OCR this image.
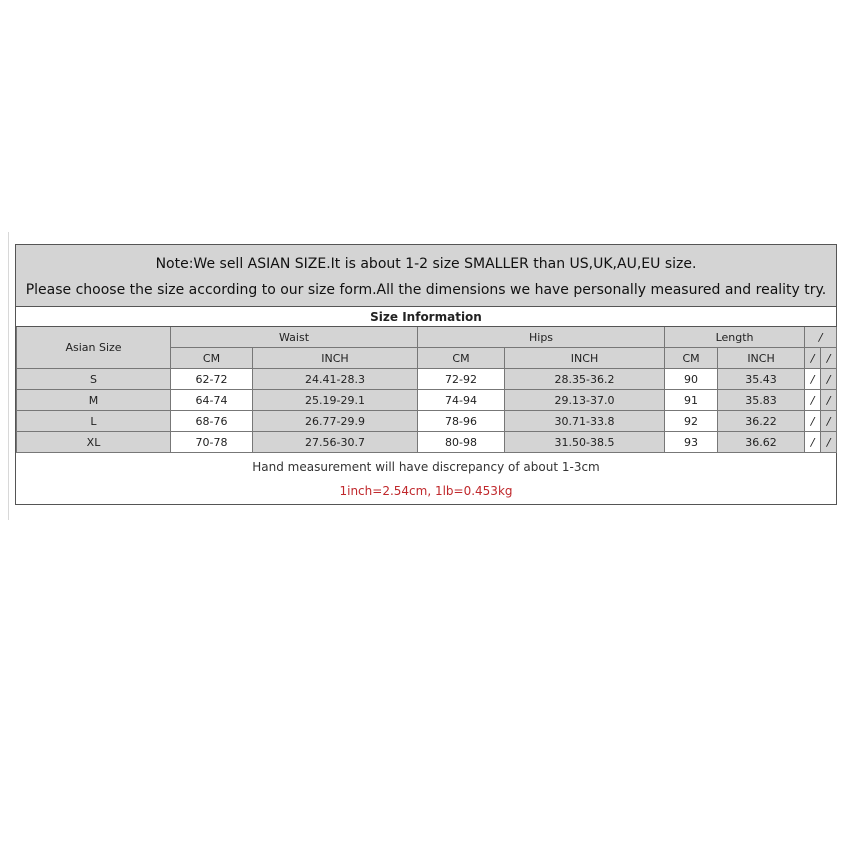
Note:We sell ASIAN SIZE.It is about 1-2 size SMALLER than US,UK,AU,EU size.
Please choose the size according to our size form.All the dimensions we have personally measured and reality try.
Size Information
Asian Size	Waist		Hips		Length		/	
	CM	INCH	CM	INCH	CM	INCH	/	/
S	62-72	24.41-28.3	72-92	28.35-36.2	90	35.43	/	/
M	64-74	25.19-29.1	74-94	29.13-37.0	91	35.83	/	/
L	68-76	26.77-29.9	78-96	30.71-33.8	92	36.22	/	/
XL	70-78	27.56-30.7	80-98	31.50-38.5	93	36.62	/	/
Hand measurement will have discrepancy of about 1-3cm
1inch=2.54cm, 1lb=0.453kg
